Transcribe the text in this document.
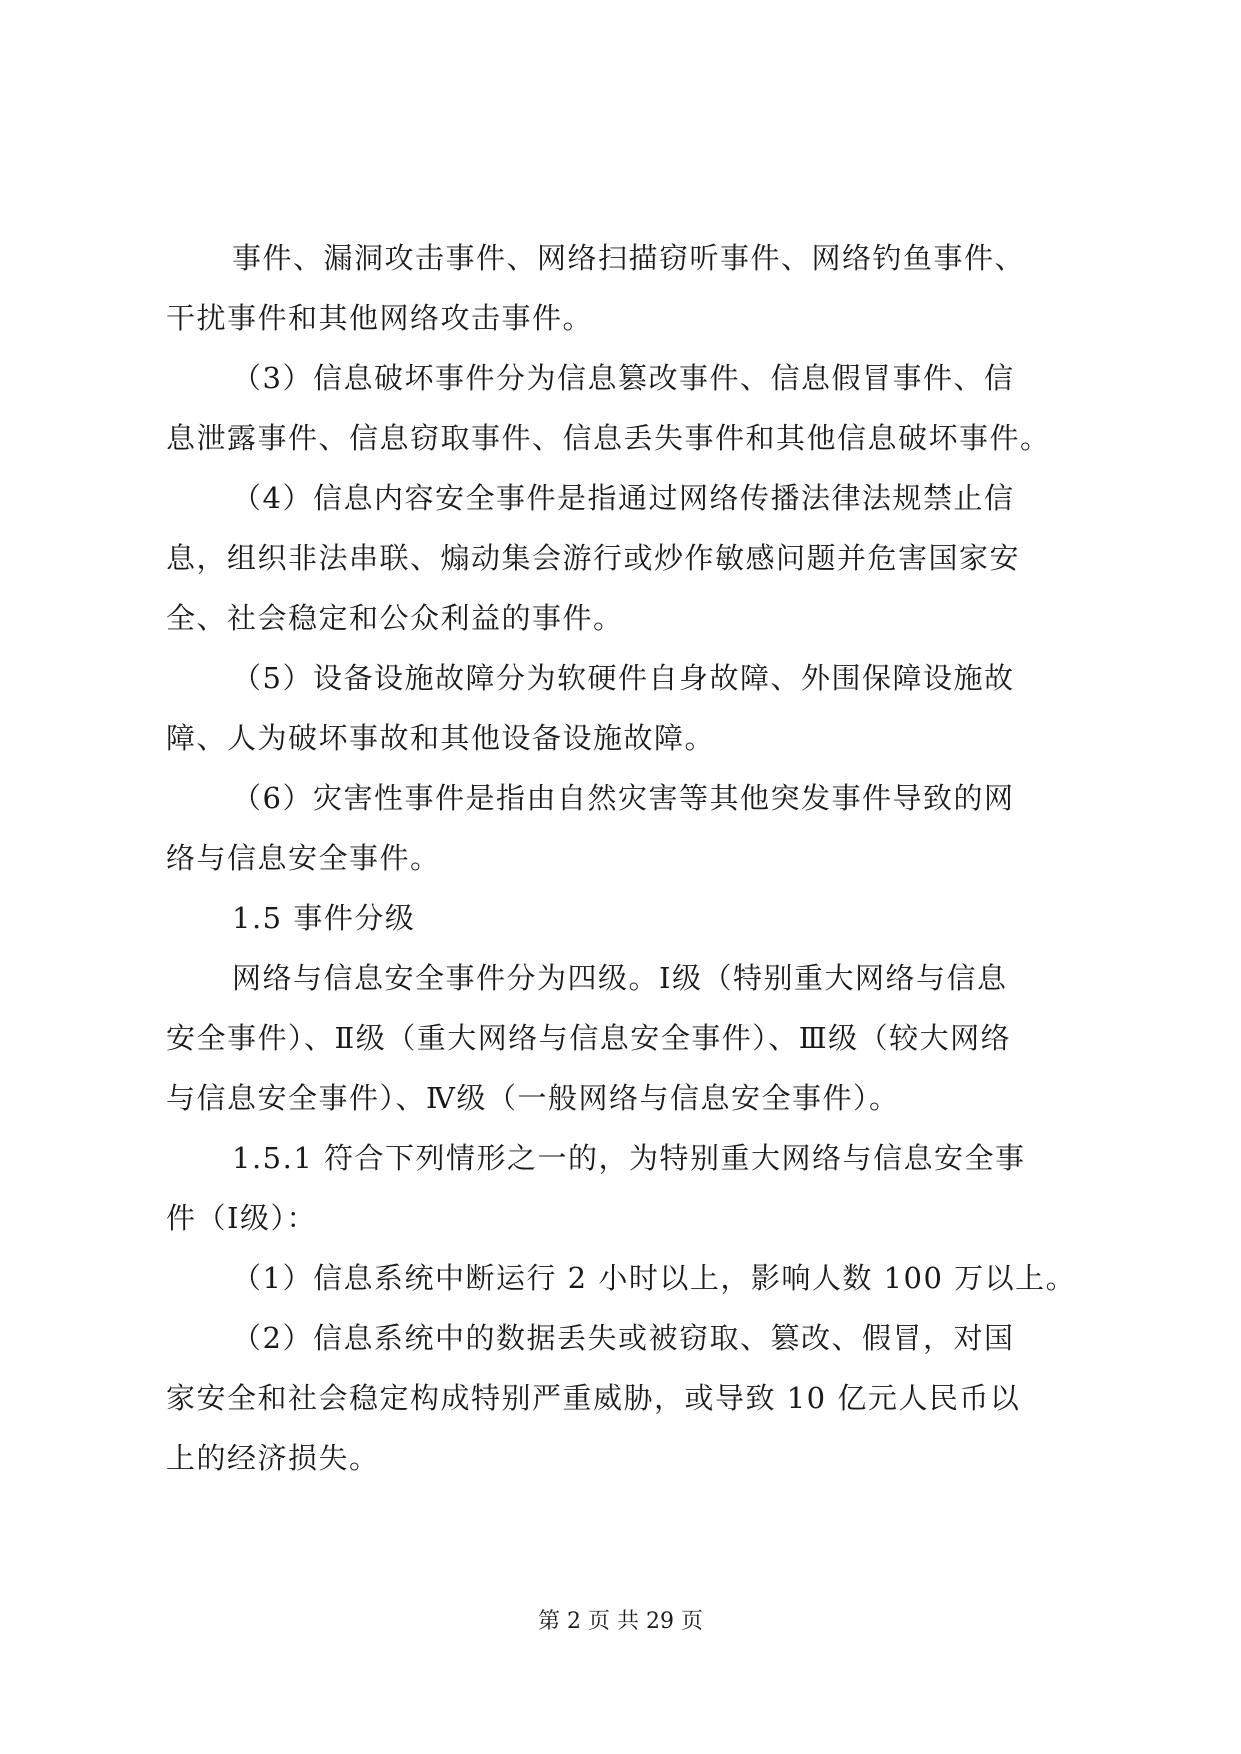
事件、漏洞攻击事件、网络扫描窃听事件、网络钓鱼事件、
干扰事件和其他网络攻击事件。
（3）信息破坏事件分为信息篡改事件、信息假冒事件、信
息泄露事件、信息窃取事件、信息丢失事件和其他信息破坏事件。
（4）信息内容安全事件是指通过网络传播法律法规禁止信
息，组织非法串联、煽动集会游行或炒作敏感问题并危害国家安
全、社会稳定和公众利益的事件。
（5）设备设施故障分为软硬件自身故障、外围保障设施故
障、人为破坏事故和其他设备设施故障。
（6）灾害性事件是指由自然灾害等其他突发事件导致的网
络与信息安全事件。
1.5 事件分级
网络与信息安全事件分为四级。Ⅰ级（特别重大网络与信息
安全事件）、Ⅱ级（重大网络与信息安全事件）、Ⅲ级（较大网络
与信息安全事件）、Ⅳ级（一般网络与信息安全事件）。
1.5.1 符合下列情形之一的，为特别重大网络与信息安全事
件（Ⅰ级）：
（1）信息系统中断运行 2 小时以上，影响人数 100 万以上。
（2）信息系统中的数据丢失或被窃取、篡改、假冒，对国
家安全和社会稳定构成特别严重威胁，或导致 10 亿元人民币以
上的经济损失。
第 2 页 共 29 页
